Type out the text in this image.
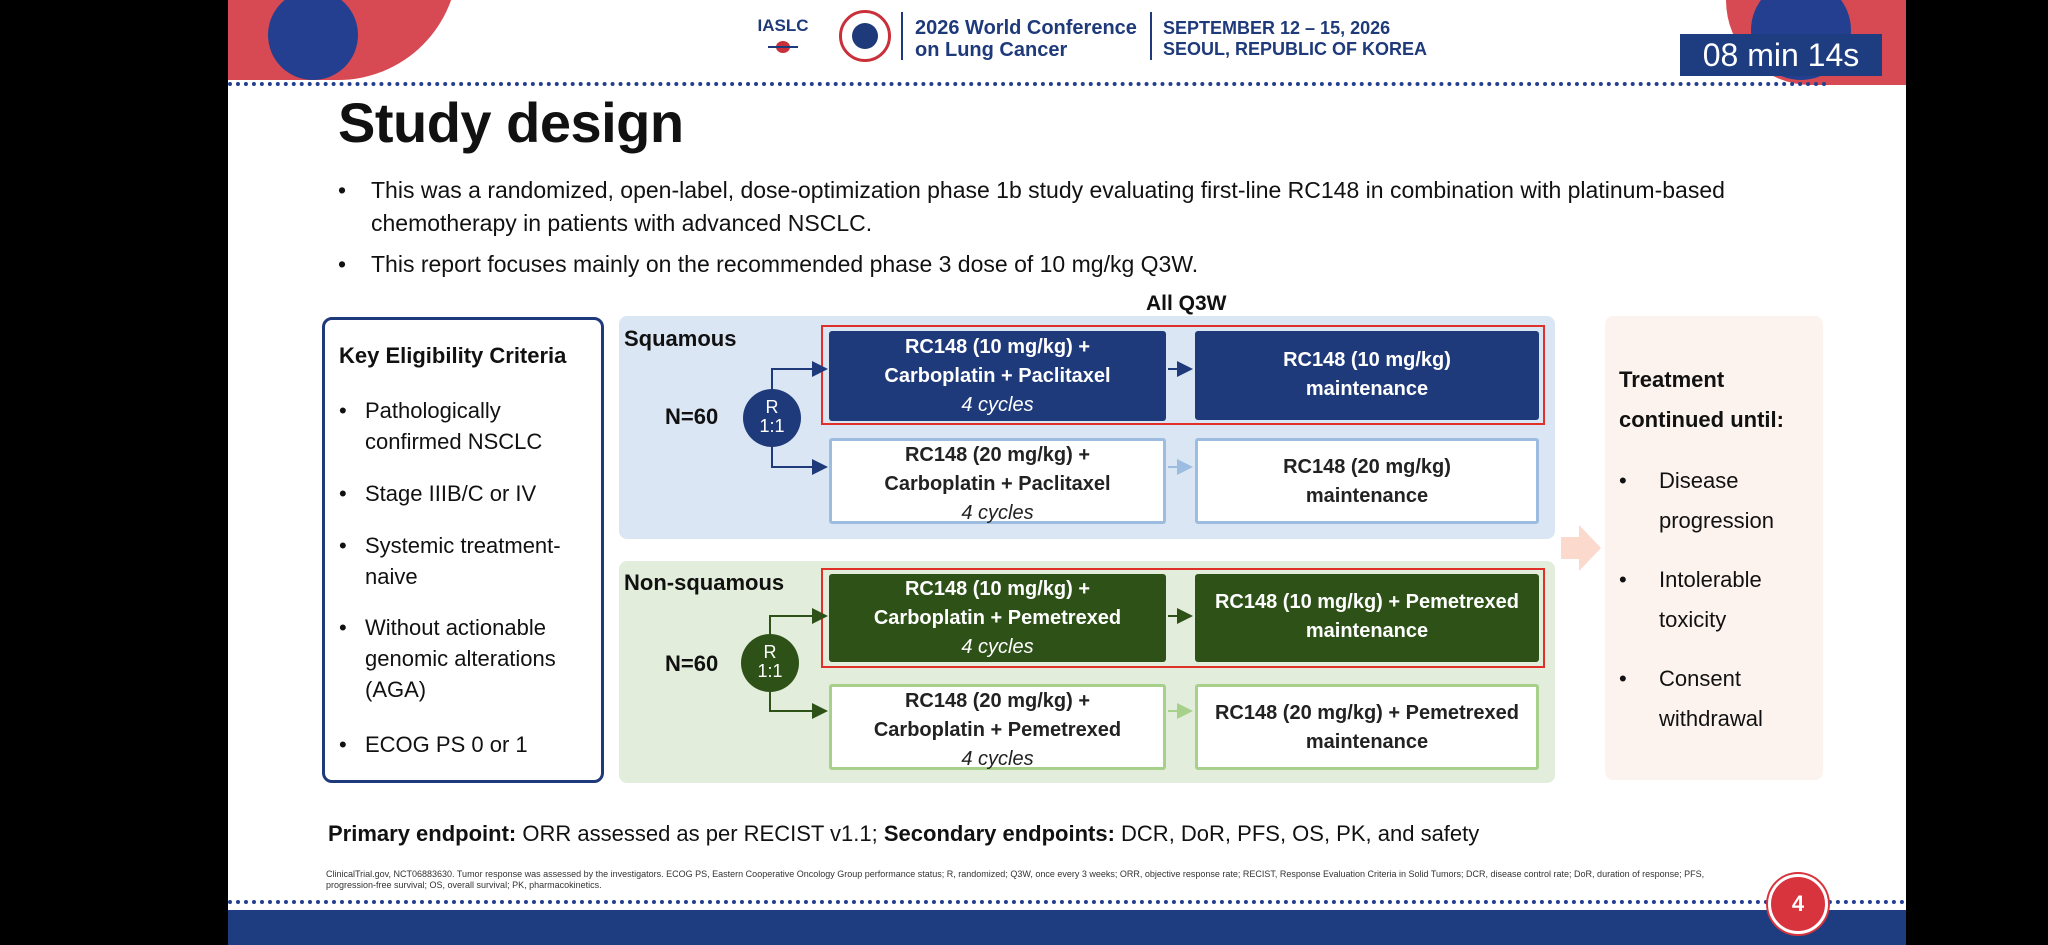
IASLC	2026 World Conference
on Lung Cancer
SEPTEMBER 12 – 15, 2026
SEOUL, REPUBLIC OF KOREA	08 min 14s
Study design
• This was a randomized, open-label, dose-optimization phase 1b study evaluating first-line RC148 in combination with platinum-based
chemotherapy in patients with advanced NSCLC.
• This report focuses mainly on the recommended phase 3 dose of 10 mg/kg Q3W.
All Q3W
Key Eligibility Criteria
• Pathologically
confirmed NSCLC
• Stage IIIB/C or IV
• Systemic treatment-
naive
• Without actionable
genomic alterations
(AGA)
• ECOG PS 0 or 1
Squamous
N=60	R
1:1
RC148 (10 mg/kg) +
Carboplatin + Paclitaxel
4 cycles
RC148 (10 mg/kg)
maintenance
RC148 (20 mg/kg) +
Carboplatin + Paclitaxel
4 cycles
RC148 (20 mg/kg)
maintenance
Non-squamous
N=60	R
1:1
RC148 (10 mg/kg) +
Carboplatin + Pemetrexed
4 cycles
RC148 (10 mg/kg) + Pemetrexed
maintenance
RC148 (20 mg/kg) +
Carboplatin + Pemetrexed
4 cycles
RC148 (20 mg/kg) + Pemetrexed
maintenance
Treatment
continued until:
• Disease
progression
• Intolerable
toxicity
• Consent
withdrawal
Primary endpoint: ORR assessed as per RECIST v1.1; Secondary endpoints: DCR, DoR, PFS, OS, PK, and safety
ClinicalTrial.gov, NCT06883630. Tumor response was assessed by the investigators. ECOG PS, Eastern Cooperative Oncology Group performance status; R, randomized; Q3W, once every 3 weeks; ORR, objective response rate; RECIST, Response Evaluation Criteria in Solid Tumors; DCR, disease control rate; DoR, duration of response; PFS, progression-free survival; OS, overall survival; PK, pharmacokinetics.
4
